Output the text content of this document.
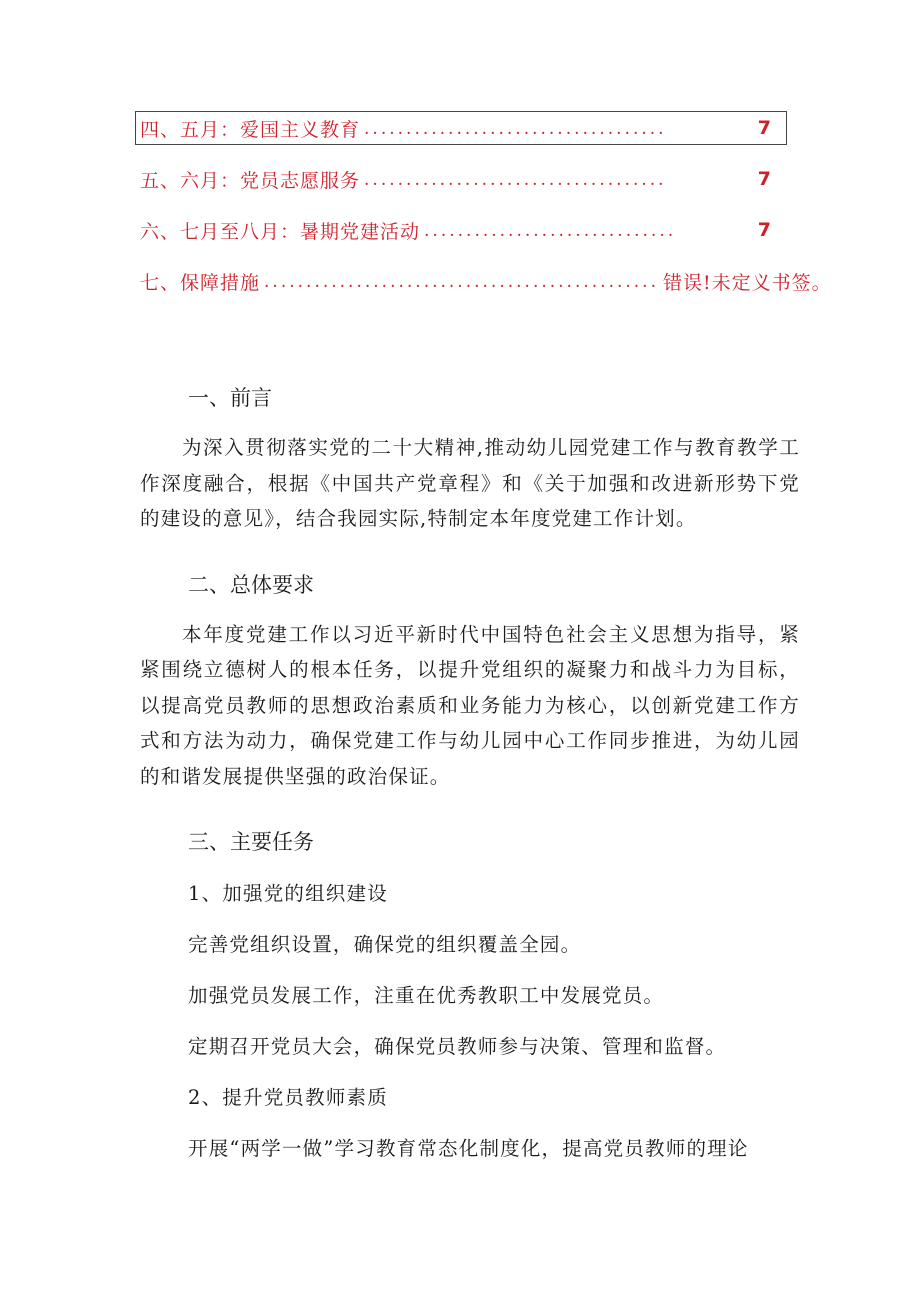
四、五月：爱国主义教育 ....................................	7
五、六月：党员志愿服务 ....................................	7
六、七月至八月：暑期党建活动 ..............................	7
七、保障措施 ............................................... 错误!未定义书签。
一、前言

为深入贯彻落实党的二十大精神,推动幼儿园党建工作与教育教学工作深度融合，根据《中国共产党章程》和《关于加强和改进新形势下党的建设的意见》，结合我园实际,特制定本年度党建工作计划。

二、总体要求

本年度党建工作以习近平新时代中国特色社会主义思想为指导，紧紧围绕立德树人的根本任务，以提升党组织的凝聚力和战斗力为目标，以提高党员教师的思想政治素质和业务能力为核心，以创新党建工作方式和方法为动力，确保党建工作与幼儿园中心工作同步推进，为幼儿园的和谐发展提供坚强的政治保证。

三、主要任务
1、加强党的组织建设
完善党组织设置，确保党的组织覆盖全园。
加强党员发展工作，注重在优秀教职工中发展党员。
定期召开党员大会，确保党员教师参与决策、管理和监督。
2、提升党员教师素质
开展“两学一做”学习教育常态化制度化，提高党员教师的理论
